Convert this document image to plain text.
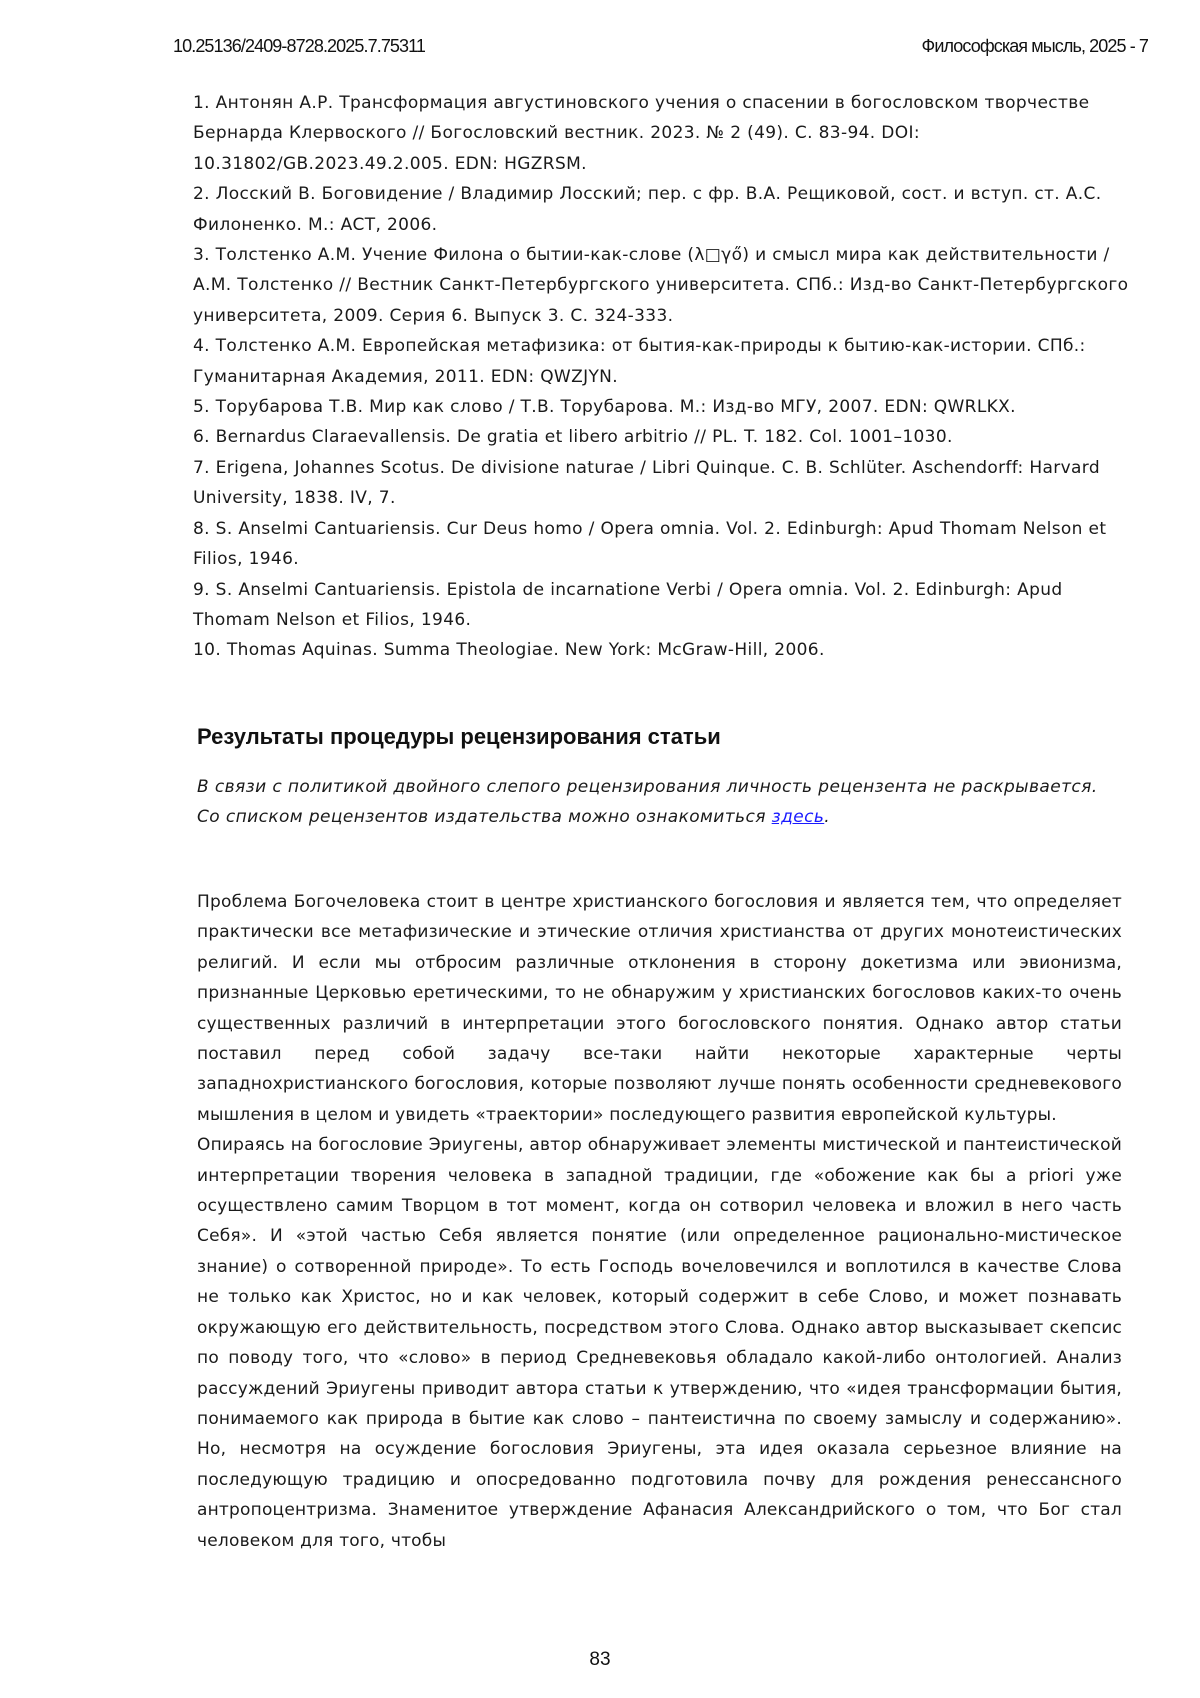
10.25136/2409-8728.2025.7.75311	Философская мысль, 2025 - 7

1. Антонян А.Р. Трансформация августиновского учения о спасении в богословском творчестве Бернарда Клервоского // Богословский вестник. 2023. № 2 (49). С. 83-94. DOI: 10.31802/GB.2023.49.2.005. EDN: HGZRSM.

2. Лосский В. Боговидение / Владимир Лосский; пер. с фр. В.А. Рещиковой, сост. и вступ. ст. А.С. Филоненко. М.: АСТ, 2006.

3. Толстенко А.М. Учение Филона о бытии-как-слове (λ□γő) и смысл мира как действительности / А.М. Толстенко // Вестник Санкт-Петербургского университета. СПб.: Изд-во Санкт-Петербургского университета, 2009. Серия 6. Выпуск 3. С. 324-333.

4. Толстенко А.М. Европейская метафизика: от бытия-как-природы к бытию-как-истории. СПб.: Гуманитарная Академия, 2011. EDN: QWZJYN.

5. Торубарова Т.В. Мир как слово / Т.В. Торубарова. М.: Изд-во МГУ, 2007. EDN: QWRLKX.

6. Bernardus Claraevallensis. De gratia et libero arbitrio // PL. T. 182. Col. 1001–1030.

7. Erigena, Johannes Scotus. De divisione naturae / Libri Quinque. C. B. Schlüter. Aschendorff: Harvard University, 1838. IV, 7.

8. S. Anselmi Cantuariensis. Cur Deus homo / Opera omnia. Vol. 2. Edinburgh: Apud Thomam Nelson et Filios, 1946.

9. S. Anselmi Cantuariensis. Epistola de incarnatione Verbi / Opera omnia. Vol. 2. Edinburgh: Apud Thomam Nelson et Filios, 1946.

10. Thomas Aquinas. Summa Theologiae. New York: McGraw-Hill, 2006.

Результаты процедуры рецензирования статьи

В связи с политикой двойного слепого рецензирования личность рецензента не раскрывается.

Со списком рецензентов издательства можно ознакомиться здесь.

Проблема Богочеловека стоит в центре христианского богословия и является тем, что определяет практически все метафизические и этические отличия христианства от других монотеистических религий. И если мы отбросим различные отклонения в сторону докетизма или эвионизма, признанные Церковью еретическими, то не обнаружим у христианских богословов каких-то очень существенных различий в интерпретации этого богословского понятия. Однако автор статьи поставил перед собой задачу все-таки найти некоторые характерные черты западнохристианского богословия, которые позволяют лучше понять особенности средневекового мышления в целом и увидеть «траектории» последующего развития европейской культуры.

Опираясь на богословие Эриугены, автор обнаруживает элементы мистической и пантеистической интерпретации творения человека в западной традиции, где «обожение как бы a priori уже осуществлено самим Творцом в тот момент, когда он сотворил человека и вложил в него часть Себя». И «этой частью Себя является понятие (или определенное рационально-мистическое знание) о сотворенной природе». То есть Господь вочеловечился и воплотился в качестве Слова не только как Христос, но и как человек, который содержит в себе Слово, и может познавать окружающую его действительность, посредством этого Слова. Однако автор высказывает скепсис по поводу того, что «слово» в период Средневековья обладало какой-либо онтологией. Анализ рассуждений Эриугены приводит автора статьи к утверждению, что «идея трансформации бытия, понимаемого как природа в бытие как слово – пантеистична по своему замыслу и содержанию». Но, несмотря на осуждение богословия Эриугены, эта идея оказала серьезное влияние на последующую традицию и опосредованно подготовила почву для рождения ренессансного антропоцентризма. Знаменитое утверждение Афанасия Александрийского о том, что Бог стал человеком для того, чтобы

83
